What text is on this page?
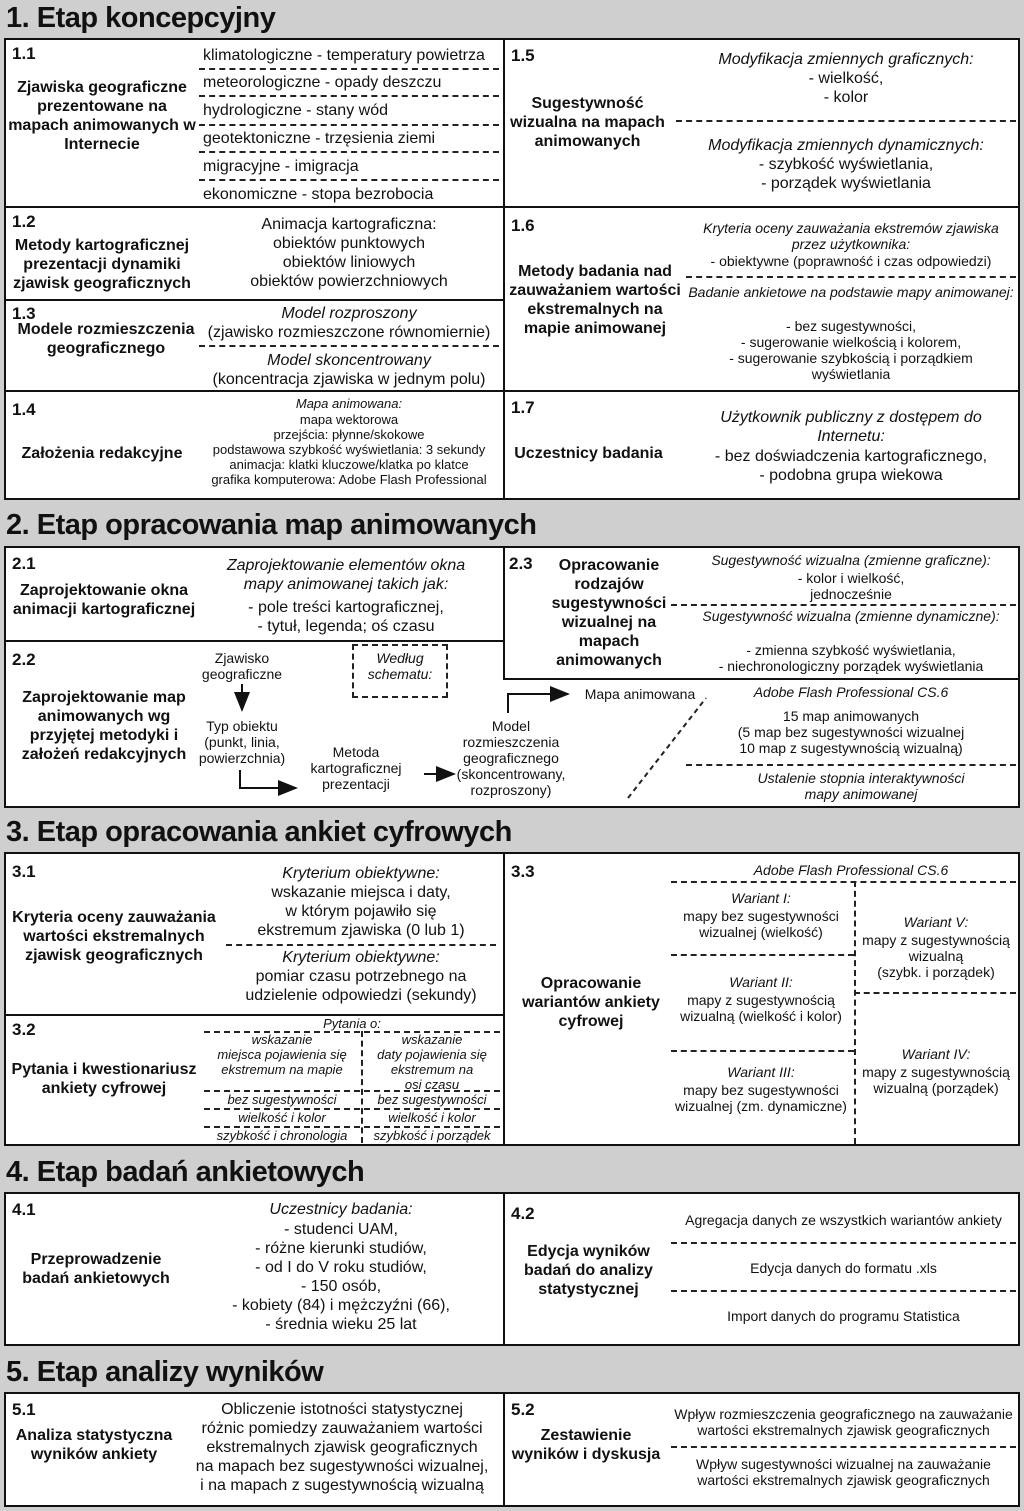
1. Etap koncepcyjny
1.1
Zjawiska geograficzne prezentowane na mapach animowanych w Internecie
klimatologiczne - temperatury powietrza
meteorologiczne - opady deszczu
hydrologiczne - stany wód
geotektoniczne - trzęsienia ziemi
migracyjne - imigracja
ekonomiczne - stopa bezrobocia
1.5
Sugestywność wizualna na mapach animowanych
Modyfikacja zmiennych graficznych:
- wielkość,
- kolor
Modyfikacja zmiennych dynamicznych:
- szybkość wyświetlania,
- porządek wyświetlania
1.2
Metody kartograficznej prezentacji dynamiki zjawisk geograficznych
Animacja kartograficzna:
obiektów punktowych
obiektów liniowych
obiektów powierzchniowych
1.3
Modele rozmieszczenia geograficznego
Model rozproszony
(zjawisko rozmieszczone równomiernie)
Model skoncentrowany
(koncentracja zjawiska w jednym polu)
1.6
Metody badania nad zauważaniem wartości ekstremalnych na mapie animowanej
Kryteria oceny zauważania ekstremów zjawiska przez użytkownika:
- obiektywne (poprawność i czas odpowiedzi)
Badanie ankietowe na podstawie mapy animowanej:
- bez sugestywności,
- sugerowanie wielkością i kolorem,
- sugerowanie szybkością i porządkiem wyświetlania
1.4
Założenia redakcyjne
Mapa animowana:
mapa wektorowa
przejścia: płynne/skokowe
podstawowa szybkość wyświetlania: 3 sekundy
animacja: klatki kluczowe/klatka po klatce
grafika komputerowa: Adobe Flash Professional
1.7
Uczestnicy badania
Użytkownik publiczny z dostępem do Internetu:
- bez doświadczenia kartograficznego,
- podobna grupa wiekowa
2. Etap opracowania map animowanych
2.1
Zaprojektowanie okna animacji kartograficznej
Zaprojektowanie elementów okna mapy animowanej takich jak:
- pole treści kartograficznej,
- tytuł, legenda; oś czasu
2.3	Opracowanie rodzajów sugestywności wizualnej na mapach animowanych
Sugestywność wizualna (zmienne graficzne):
- kolor i wielkość,
jednocześnie
Sugestywność wizualna (zmienne dynamiczne):
- zmienna szybkość wyświetlania,
- niechronologiczny porządek wyświetlania
2.2
Zaprojektowanie map animowanych wg przyjętej metodyki i założeń redakcyjnych
Według schematu:
Zjawisko
geograficzne
Typ obiektu
(punkt, linia,
powierzchnia)	Metoda
kartograficznej
prezentacji
Model
rozmieszczenia
geograficznego
(skoncentrowany,
rozproszony)
Mapa animowana	Adobe Flash Professional CS.6
15 map animowanych
(5 map bez sugestywności wizualnej
10 map z sugestywnością wizualną)
Ustalenie stopnia interaktywności mapy animowanej
3. Etap opracowania ankiet cyfrowych
3.1
Kryteria oceny zauważania wartości ekstremalnych zjawisk geograficznych
Kryterium obiektywne:
wskazanie miejsca i daty,
w którym pojawiło się
ekstremum zjawiska (0 lub 1)
Kryterium obiektywne:
pomiar czasu potrzebnego na
udzielenie odpowiedzi (sekundy)
3.2
Pytania i kwestionariusz ankiety cyfrowej
Pytania o:
wskazanie
miejsca pojawienia się
ekstremum na mapie
wskazanie
daty pojawienia się
ekstremum na
osi czasu
bez sugestywności	bez sugestywności
wielkość i kolor	wielkość i kolor
szybkość i chronologia	szybkość i porządek
3.3
Opracowanie wariantów ankiety cyfrowej
Adobe Flash Professional CS.6
Wariant I:
mapy bez sugestywności
wizualnej (wielkość)
Wariant II:
mapy z sugestywnością
wizualną (wielkość i kolor)
Wariant III:
mapy bez sugestywności
wizualnej (zm. dynamiczne)
Wariant V:
mapy z sugestywnością
wizualną
(szybk. i porządek)
Wariant IV:
mapy z sugestywnością
wizualną (porządek)
4. Etap badań ankietowych
4.1
Przeprowadzenie badań ankietowych
Uczestnicy badania:
- studenci UAM,
- różne kierunki studiów,
- od I do V roku studiów,
- 150 osób,
- kobiety (84) i mężczyźni (66),
- średnia wieku 25 lat
4.2
Edycja wyników badań do analizy statystycznej
Agregacja danych ze wszystkich wariantów ankiety
Edycja danych do formatu .xls
Import danych do programu Statistica
5. Etap analizy wyników
5.1
Analiza statystyczna wyników ankiety
Obliczenie istotności statystycznej
różnic pomiedzy zauważaniem wartości
ekstremalnych zjawisk geograficznych
na mapach bez sugestywności wizualnej,
i na mapach z sugestywnością wizualną
5.2
Zestawienie wyników i dyskusja
Wpływ rozmieszczenia geograficznego na zauważanie wartości ekstremalnych zjawisk geograficznych
Wpływ sugestywności wizualnej na zauważanie wartości ekstremalnych zjawisk geograficznych
